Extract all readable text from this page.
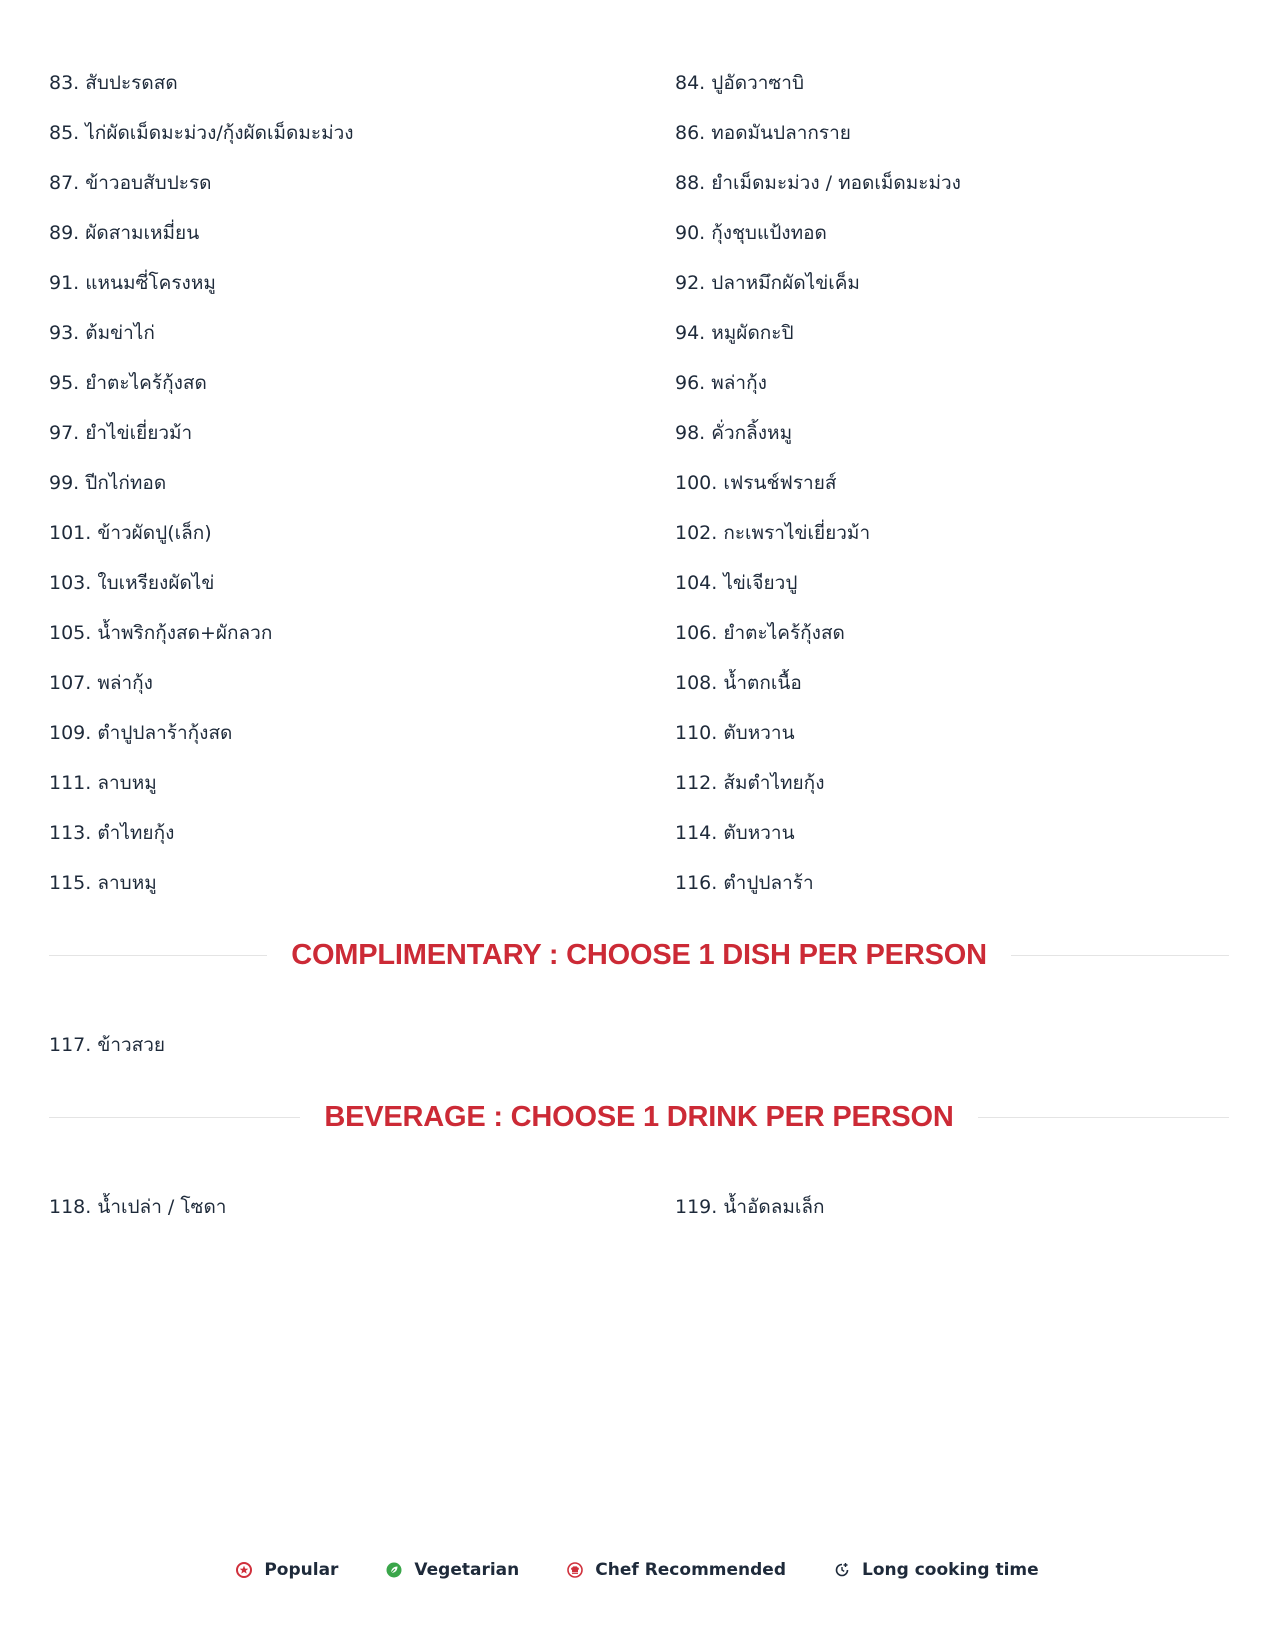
83. สับปะรดสด	84. ปูอัดวาซาบิ
85. ไก่ผัดเม็ดมะม่วง/กุ้งผัดเม็ดมะม่วง	86. ทอดมันปลากราย
87. ข้าวอบสับปะรด	88. ยำเม็ดมะม่วง / ทอดเม็ดมะม่วง
89. ผัดสามเหมี่ยน	90. กุ้งชุบแป้งทอด
91. แหนมซี่โครงหมู	92. ปลาหมึกผัดไข่เค็ม
93. ต้มข่าไก่	94. หมูผัดกะปิ
95. ยำตะไคร้กุ้งสด	96. พล่ากุ้ง
97. ยำไข่เยี่ยวม้า	98. คั่วกลิ้งหมู
99. ปีกไก่ทอด	100. เฟรนช์ฟรายส์
101. ข้าวผัดปู(เล็ก)	102. กะเพราไข่เยี่ยวม้า
103. ใบเหรียงผัดไข่	104. ไข่เจียวปู
105. น้ำพริกกุ้งสด+ผักลวก	106. ยำตะไคร้กุ้งสด
107. พล่ากุ้ง	108. น้ำตกเนื้อ
109. ตำปูปลาร้ากุ้งสด	110. ตับหวาน
111. ลาบหมู	112. ส้มตำไทยกุ้ง
113. ตำไทยกุ้ง	114. ตับหวาน
115. ลาบหมู	116. ตำปูปลาร้า
COMPLIMENTARY : CHOOSE 1 DISH PER PERSON
117. ข้าวสวย
BEVERAGE : CHOOSE 1 DRINK PER PERSON
118. น้ำเปล่า / โซดา	119. น้ำอัดลมเล็ก
Popular	Vegetarian	Chef Recommended	Long cooking time
